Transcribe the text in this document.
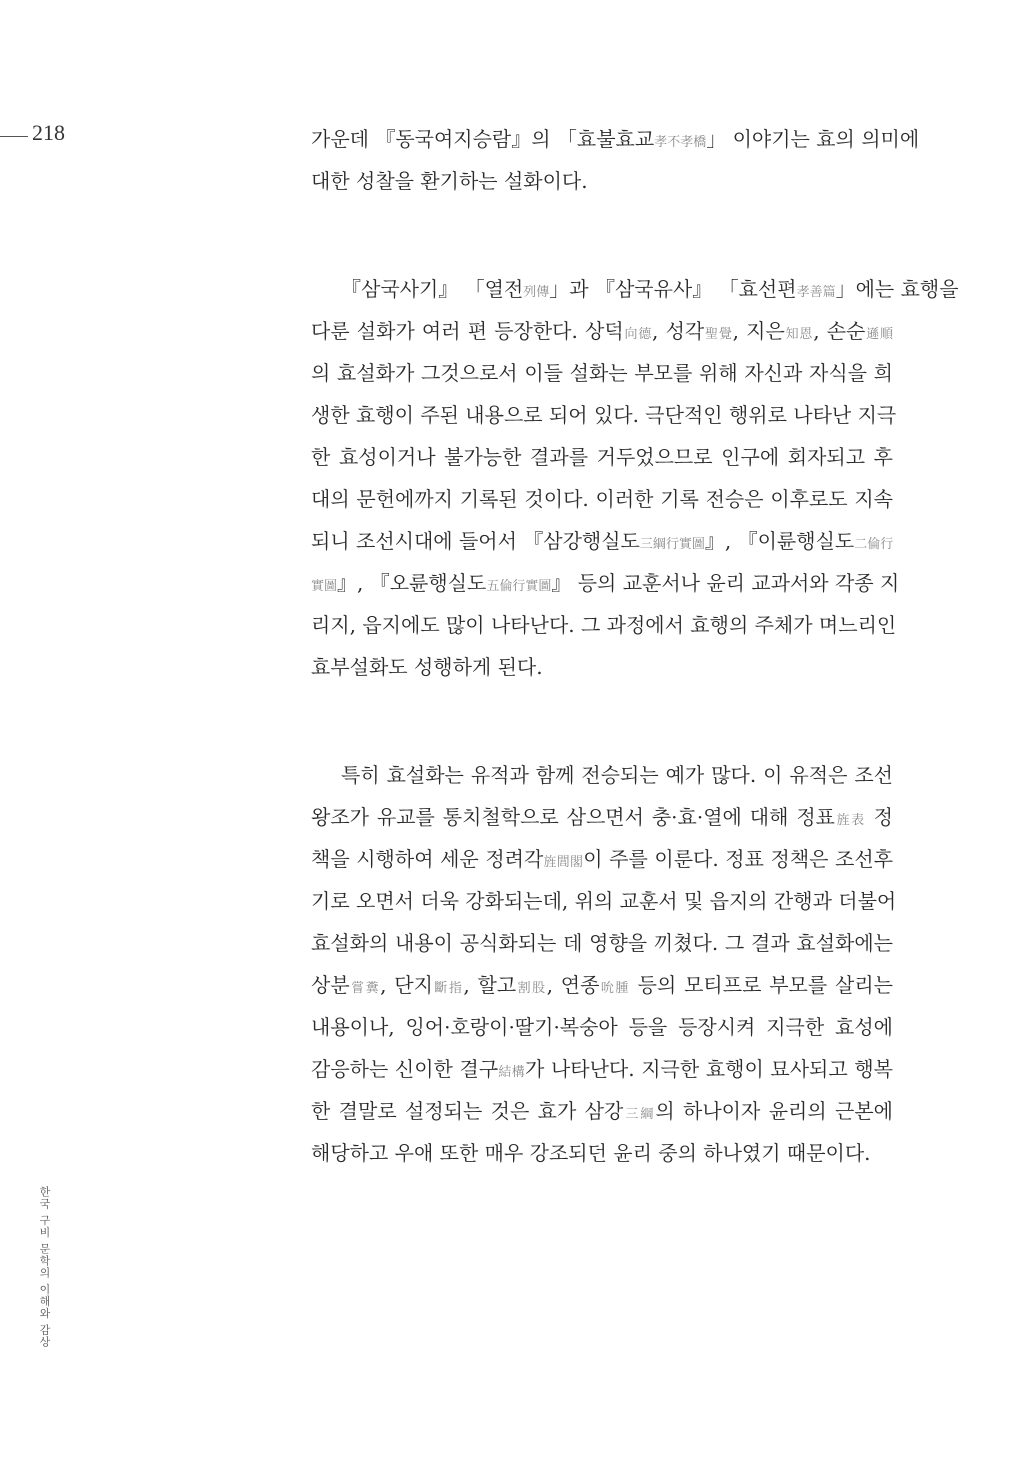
218
한국 구비 문학의 이해와 감상
가운데 『동국여지승람』의 「효불효교孝不孝橋」 이야기는 효의 의미에
대한 성찰을 환기하는 설화이다.
『삼국사기』 「열전列傳」과 『삼국유사』 「효선편孝善篇」에는 효행을
다룬 설화가 여러 편 등장한다. 상덕向德, 성각聖覺, 지은知恩, 손순遜順
의 효설화가 그것으로서 이들 설화는 부모를 위해 자신과 자식을 희
생한 효행이 주된 내용으로 되어 있다. 극단적인 행위로 나타난 지극
한 효성이거나 불가능한 결과를 거두었으므로 인구에 회자되고 후
대의 문헌에까지 기록된 것이다. 이러한 기록 전승은 이후로도 지속
되니 조선시대에 들어서 『삼강행실도三綱行實圖』, 『이륜행실도二倫行
實圖』, 『오륜행실도五倫行實圖』 등의 교훈서나 윤리 교과서와 각종 지
리지, 읍지에도 많이 나타난다. 그 과정에서 효행의 주체가 며느리인
효부설화도 성행하게 된다.
특히 효설화는 유적과 함께 전승되는 예가 많다. 이 유적은 조선
왕조가 유교를 통치철학으로 삼으면서 충·효·열에 대해 정표旌表 정
책을 시행하여 세운 정려각旌閭閣이 주를 이룬다. 정표 정책은 조선후
기로 오면서 더욱 강화되는데, 위의 교훈서 및 읍지의 간행과 더불어
효설화의 내용이 공식화되는 데 영향을 끼쳤다. 그 결과 효설화에는
상분嘗糞, 단지斷指, 할고割股, 연종吮腫 등의 모티프로 부모를 살리는
내용이나, 잉어·호랑이·딸기·복숭아 등을 등장시켜 지극한 효성에
감응하는 신이한 결구結構가 나타난다. 지극한 효행이 묘사되고 행복
한 결말로 설정되는 것은 효가 삼강三綱의 하나이자 윤리의 근본에
해당하고 우애 또한 매우 강조되던 윤리 중의 하나였기 때문이다.
